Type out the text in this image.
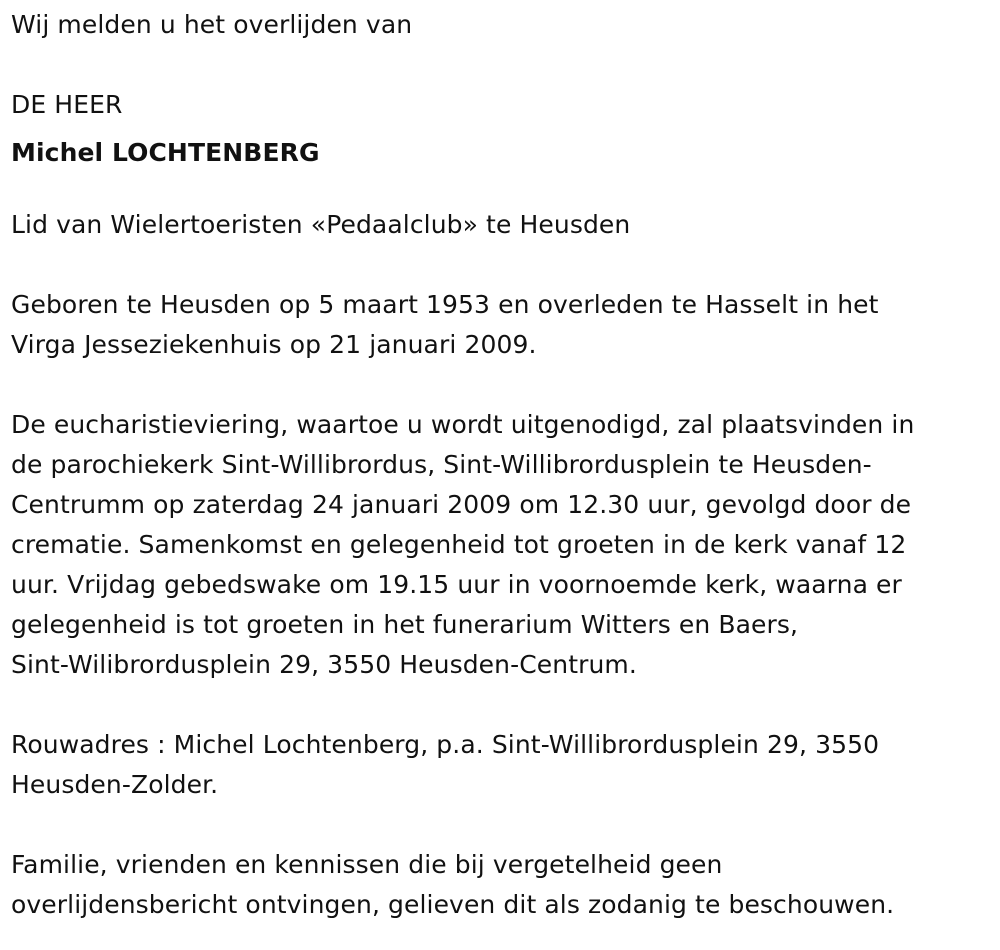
Wij melden u het overlijden van

DE HEER

Michel LOCHTENBERG

Lid van Wielertoeristen «Pedaalclub» te Heusden

Geboren te Heusden op 5 maart 1953 en overleden te Hasselt in het
Virga Jesseziekenhuis op 21 januari 2009.
De eucharistieviering, waartoe u wordt uitgenodigd, zal plaatsvinden in
de parochiekerk Sint-Willibrordus, Sint-Willibrordusplein te Heusden-
Centrumm op zaterdag 24 januari 2009 om 12.30 uur, gevolgd door de
crematie. Samenkomst en gelegenheid tot groeten in de kerk vanaf 12
uur. Vrijdag gebedswake om 19.15 uur in voornoemde kerk, waarna er
gelegenheid is tot groeten in het funerarium Witters en Baers,
Sint-Wilibrordusplein 29, 3550 Heusden-Centrum.
Rouwadres : Michel Lochtenberg, p.a. Sint-Willibrordusplein 29, 3550
Heusden-Zolder.
Familie, vrienden en kennissen die bij vergetelheid geen
overlijdensbericht ontvingen, gelieven dit als zodanig te beschouwen.
